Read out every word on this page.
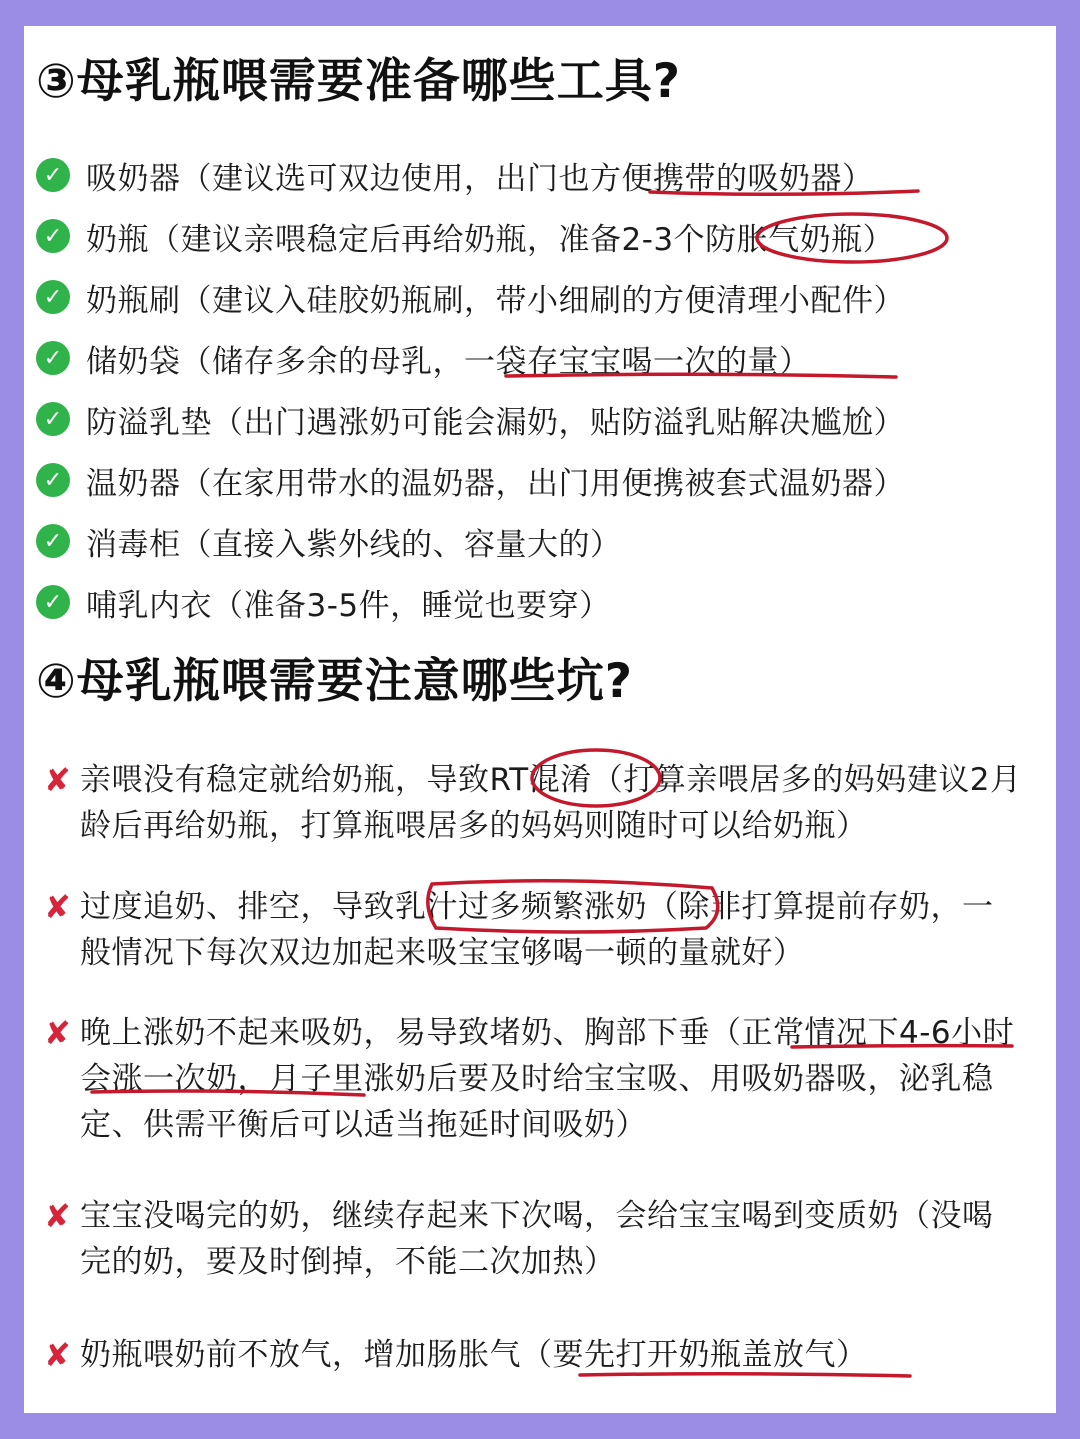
③母乳瓶喂需要准备哪些工具?
✓ 吸奶器（建议选可双边使用，出门也方便携带的吸奶器）
✓ 奶瓶（建议亲喂稳定后再给奶瓶，准备2-3个防胀气奶瓶）
✓ 奶瓶刷（建议入硅胶奶瓶刷，带小细刷的方便清理小配件）
✓ 储奶袋（储存多余的母乳，一袋存宝宝喝一次的量）
✓ 防溢乳垫（出门遇涨奶可能会漏奶，贴防溢乳贴解决尴尬）
✓ 温奶器（在家用带水的温奶器，出门用便携被套式温奶器）
✓ 消毒柜（直接入紫外线的、容量大的）
✓ 哺乳内衣（准备3-5件，睡觉也要穿）
④母乳瓶喂需要注意哪些坑?
✘ 亲喂没有稳定就给奶瓶，导致RT混淆（打算亲喂居多的妈妈建议2月龄后再给奶瓶，打算瓶喂居多的妈妈则随时可以给奶瓶）
✘ 过度追奶、排空，导致乳汁过多频繁涨奶（除非打算提前存奶，一般情况下每次双边加起来吸宝宝够喝一顿的量就好）
✘ 晚上涨奶不起来吸奶，易导致堵奶、胸部下垂（正常情况下4-6小时会涨一次奶，月子里涨奶后要及时给宝宝吸、用吸奶器吸，泌乳稳定、供需平衡后可以适当拖延时间吸奶）
✘ 宝宝没喝完的奶，继续存起来下次喝，会给宝宝喝到变质奶（没喝完的奶，要及时倒掉，不能二次加热）
✘ 奶瓶喂奶前不放气，增加肠胀气（要先打开奶瓶盖放气）
